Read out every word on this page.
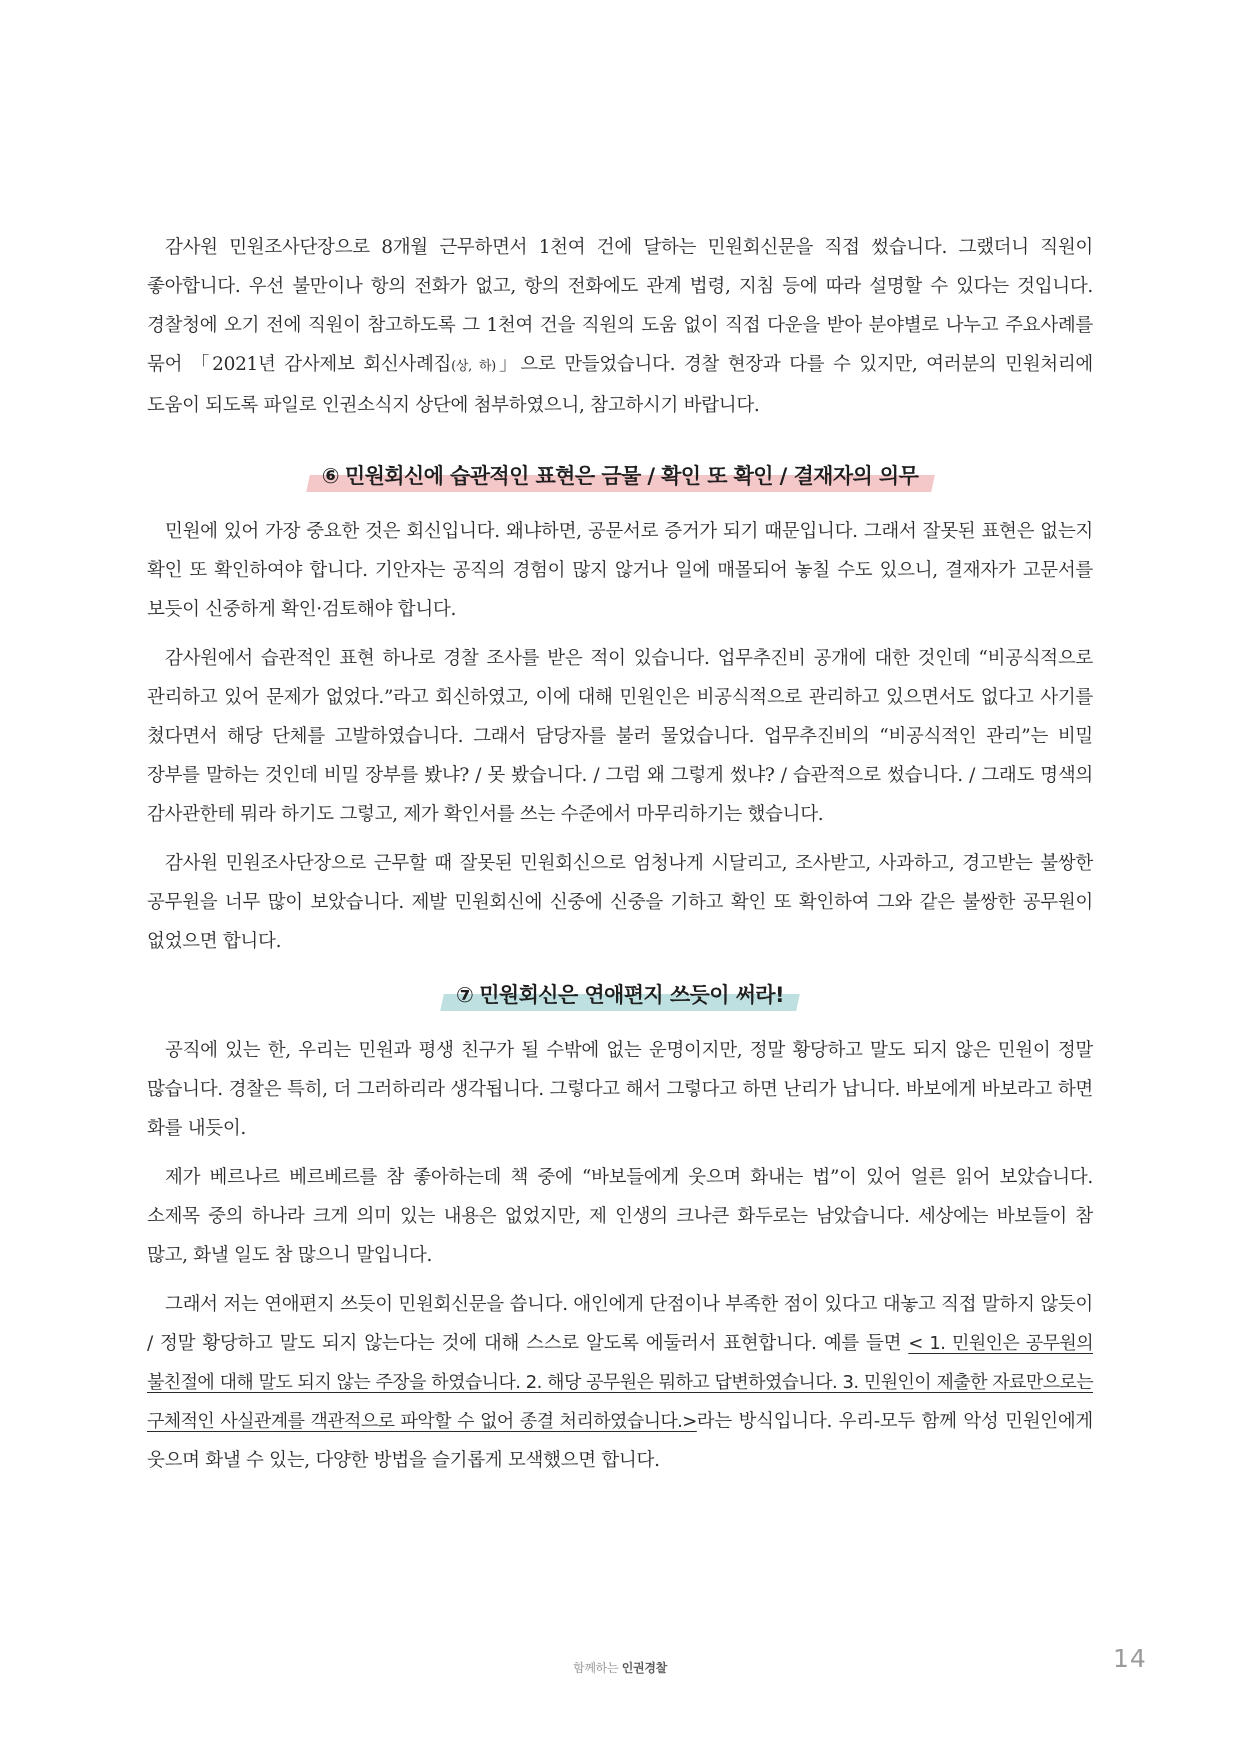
감사원 민원조사단장으로 8개월 근무하면서 1천여 건에 달하는 민원회신문을 직접 썼습니다. 그랬더니 직원이 좋아합니다. 우선 불만이나 항의 전화가 없고, 항의 전화에도 관계 법령, 지침 등에 따라 설명할 수 있다는 것입니다. 경찰청에 오기 전에 직원이 참고하도록 그 1천여 건을 직원의 도움 없이 직접 다운을 받아 분야별로 나누고 주요사례를 묶어 「2021년 감사제보 회신사례집(상, 하)」으로 만들었습니다. 경찰 현장과 다를 수 있지만, 여러분의 민원처리에 도움이 되도록 파일로 인권소식지 상단에 첨부하였으니, 참고하시기 바랍니다.

⑥ 민원회신에 습관적인 표현은 금물 / 확인 또 확인 / 결재자의 의무

민원에 있어 가장 중요한 것은 회신입니다. 왜냐하면, 공문서로 증거가 되기 때문입니다. 그래서 잘못된 표현은 없는지 확인 또 확인하여야 합니다. 기안자는 공직의 경험이 많지 않거나 일에 매몰되어 놓칠 수도 있으니, 결재자가 고문서를 보듯이 신중하게 확인·검토해야 합니다.

감사원에서 습관적인 표현 하나로 경찰 조사를 받은 적이 있습니다. 업무추진비 공개에 대한 것인데 “비공식적으로 관리하고 있어 문제가 없었다.”라고 회신하였고, 이에 대해 민원인은 비공식적으로 관리하고 있으면서도 없다고 사기를 쳤다면서 해당 단체를 고발하였습니다. 그래서 담당자를 불러 물었습니다. 업무추진비의 “비공식적인 관리”는 비밀 장부를 말하는 것인데 비밀 장부를 봤냐? / 못 봤습니다. / 그럼 왜 그렇게 썼냐? / 습관적으로 썼습니다. / 그래도 명색의 감사관한테 뭐라 하기도 그렇고, 제가 확인서를 쓰는 수준에서 마무리하기는 했습니다.

감사원 민원조사단장으로 근무할 때 잘못된 민원회신으로 엄청나게 시달리고, 조사받고, 사과하고, 경고받는 불쌍한 공무원을 너무 많이 보았습니다. 제발 민원회신에 신중에 신중을 기하고 확인 또 확인하여 그와 같은 불쌍한 공무원이 없었으면 합니다.

⑦ 민원회신은 연애편지 쓰듯이 써라!

공직에 있는 한, 우리는 민원과 평생 친구가 될 수밖에 없는 운명이지만, 정말 황당하고 말도 되지 않은 민원이 정말 많습니다. 경찰은 특히, 더 그러하리라 생각됩니다. 그렇다고 해서 그렇다고 하면 난리가 납니다. 바보에게 바보라고 하면 화를 내듯이.

제가 베르나르 베르베르를 참 좋아하는데 책 중에 “바보들에게 웃으며 화내는 법”이 있어 얼른 읽어 보았습니다. 소제목 중의 하나라 크게 의미 있는 내용은 없었지만, 제 인생의 크나큰 화두로는 남았습니다. 세상에는 바보들이 참 많고, 화낼 일도 참 많으니 말입니다.

그래서 저는 연애편지 쓰듯이 민원회신문을 씁니다. 애인에게 단점이나 부족한 점이 있다고 대놓고 직접 말하지 않듯이 / 정말 황당하고 말도 되지 않는다는 것에 대해 스스로 알도록 에둘러서 표현합니다. 예를 들면 < 1. 민원인은 공무원의 불친절에 대해 말도 되지 않는 주장을 하였습니다. 2. 해당 공무원은 뭐하고 답변하였습니다. 3. 민원인이 제출한 자료만으로는 구체적인 사실관계를 객관적으로 파악할 수 없어 종결 처리하였습니다.>라는 방식입니다. 우리-모두 함께 악성 민원인에게 웃으며 화낼 수 있는, 다양한 방법을 슬기롭게 모색했으면 합니다.

함께하는 인권경찰	14
